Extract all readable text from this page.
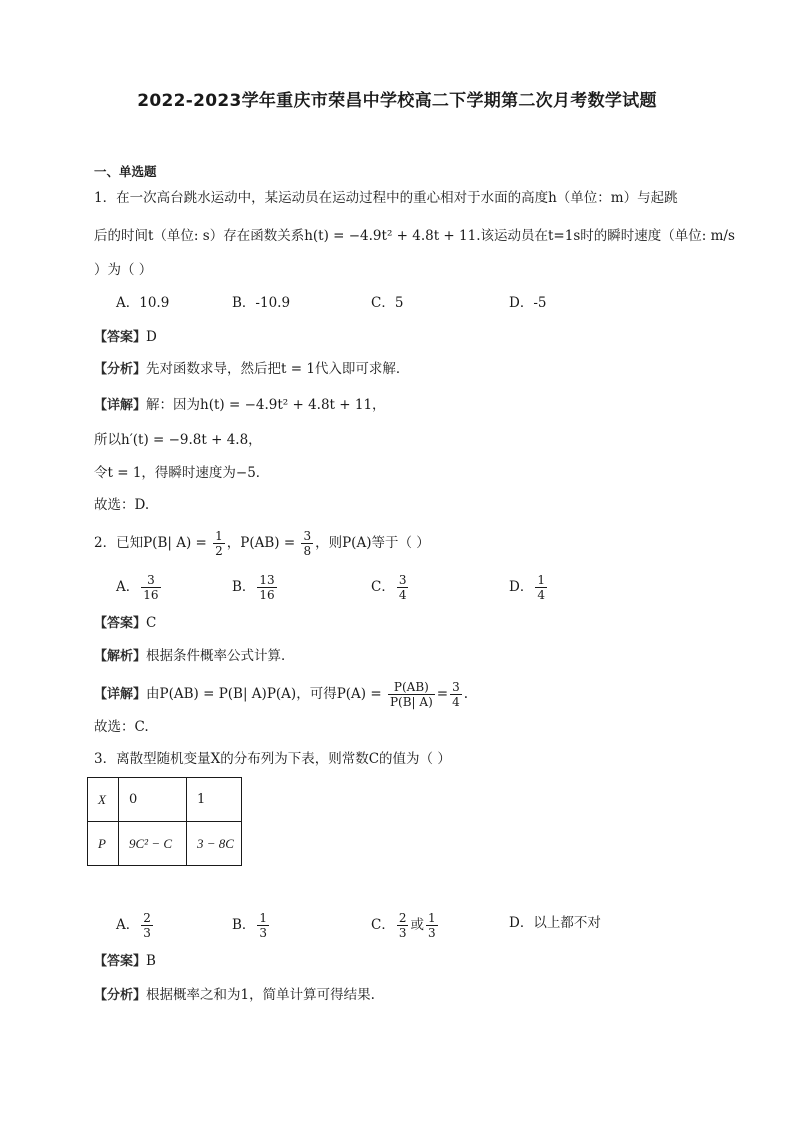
2022-2023学年重庆市荣昌中学校高二下学期第二次月考数学试题
一、单选题
1．在一次高台跳水运动中，某运动员在运动过程中的重心相对于水面的高度h（单位：m）与起跳
后的时间t（单位: s）存在函数关系h(t) = −4.9t² + 4.8t + 11.该运动员在t=1s时的瞬时速度（单位: m/s
）为（ ）
A．10.9	B．-10.9	C．5	D．-5
【答案】D
【分析】先对函数求导，然后把t = 1代入即可求解．
【详解】解：因为h(t) = −4.9t² + 4.8t + 11，
所以h′(t) = −9.8t + 4.8，
令t = 1，得瞬时速度为−5．
故选：D.
2．已知P(B| $A) = \frac{1}{2}$ ，$P(AB) = \frac{3}{8}$ ，则P(A)等于（ ）
A． $\frac{3}{16}$	B． $\frac{13}{16}$	C． $\frac{3}{4}$	D． $\frac{1}{4}$
【答案】C
【解析】根据条件概率公式计算．
【详解】由P(AB) = P(B| A)P(A)，可得$P(A) = \frac{P(AB)}{P(B| A)} = \frac{3}{4}$ .
故选：C.
3．离散型随机变量X的分布列为下表，则常数C的值为（ ）
X	0	1
P	9C² − C	3 − 8C
A． $\frac{2}{3}$	B． $\frac{1}{3}$	C． $\frac{2}{3}$ 或 $\frac{1}{3}$	D．以上都不对
【答案】B
【分析】根据概率之和为1，简单计算可得结果.
